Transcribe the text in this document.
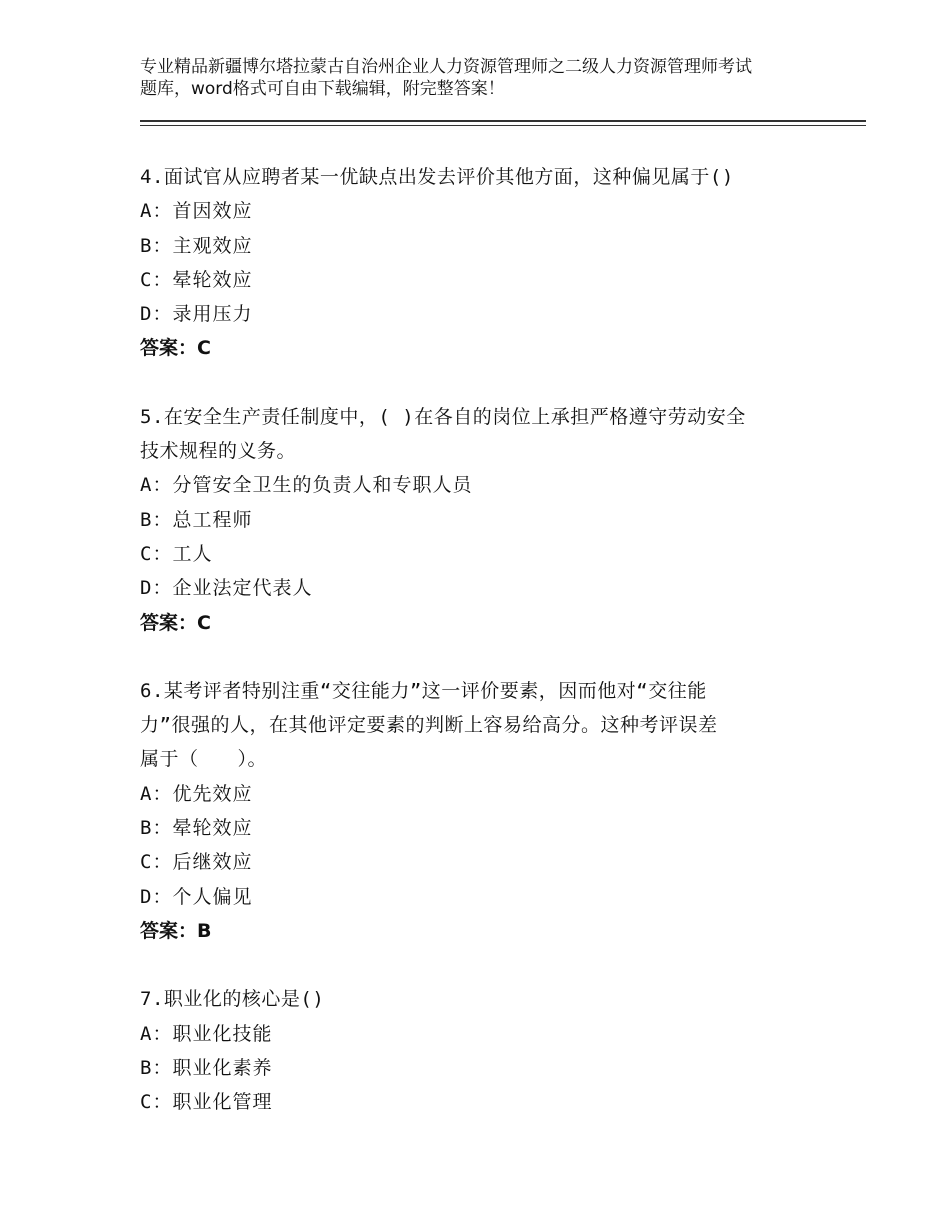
专业精品新疆博尔塔拉蒙古自治州企业人力资源管理师之二级人力资源管理师考试
题库，word格式可自由下载编辑，附完整答案！
4.面试官从应聘者某一优缺点出发去评价其他方面，这种偏见属于()
A：首因效应
B：主观效应
C：晕轮效应
D：录用压力
答案：C
5.在安全生产责任制度中，( )在各自的岗位上承担严格遵守劳动安全
技术规程的义务。
A：分管安全卫生的负责人和专职人员
B：总工程师
C：工人
D：企业法定代表人
答案：C
6.某考评者特别注重“交往能力”这一评价要素，因而他对“交往能
力”很强的人，在其他评定要素的判断上容易给高分。这种考评误差
属于（　　）。
A：优先效应
B：晕轮效应
C：后继效应
D：个人偏见
答案：B
7.职业化的核心是()
A：职业化技能
B：职业化素养
C：职业化管理
